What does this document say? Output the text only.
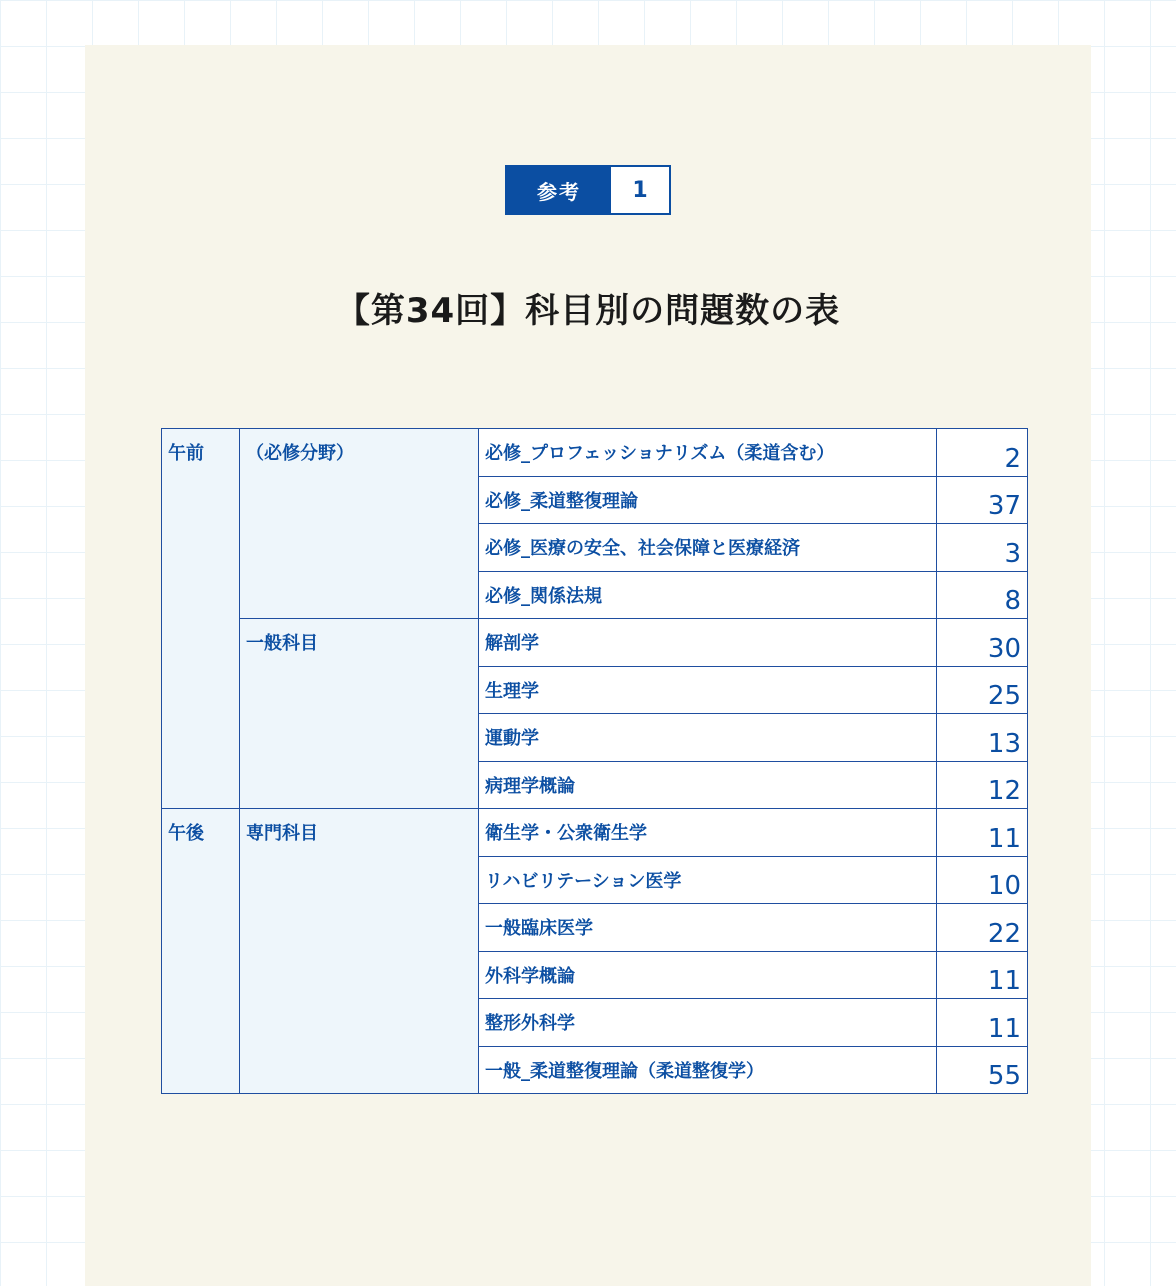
参考	1
【第34回】科目別の問題数の表
午前	（必修分野）	必修_プロフェッショナリズム（柔道含む）	2
		必修_柔道整復理論	37
		必修_医療の安全、社会保障と医療経済	3
		必修_関係法規	8
	一般科目	解剖学	30
		生理学	25
		運動学	13
		病理学概論	12
午後	専門科目	衛生学・公衆衛生学	11
		リハビリテーション医学	10
		一般臨床医学	22
		外科学概論	11
		整形外科学	11
		一般_柔道整復理論（柔道整復学）	55
